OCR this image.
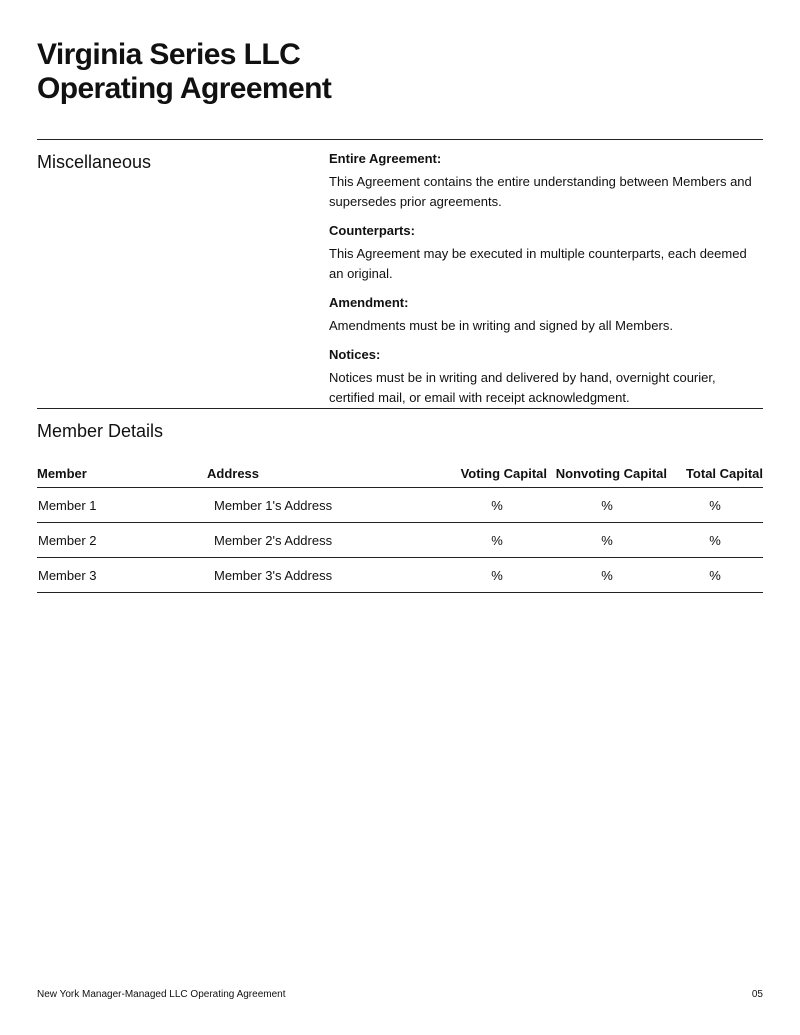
Virginia Series LLC
Operating Agreement
Miscellaneous	Entire Agreement:

This Agreement contains the entire understanding between Members and supersedes prior agreements.

Counterparts:

This Agreement may be executed in multiple counterparts, each deemed an original.

Amendment:

Amendments must be in writing and signed by all Members.

Notices:

Notices must be in writing and delivered by hand, overnight courier, certified mail, or email with receipt acknowledgment.

Member Details
Member	Address	Voting Capital	Nonvoting Capital	Total Capital
Member 1	Member 1's Address	%	%	%
Member 2	Member 2's Address	%	%	%
Member 3	Member 3's Address	%	%	%
New York Manager-Managed LLC Operating Agreement	05
